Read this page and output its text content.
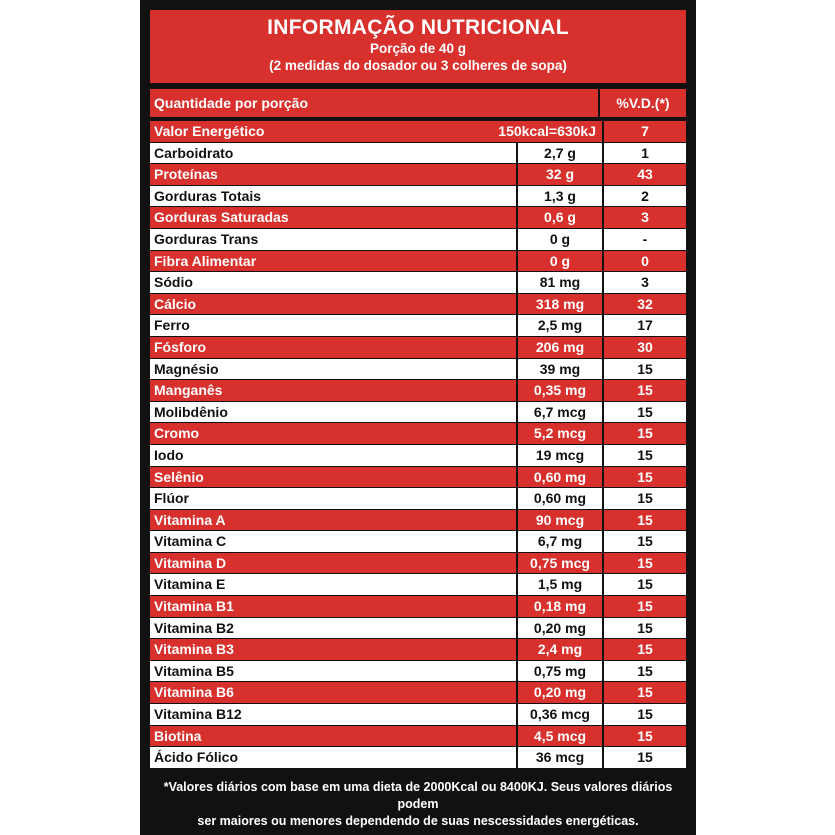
INFORMAÇÃO NUTRICIONAL
Porção de 40 g
(2 medidas do dosador ou 3 colheres de sopa)
Quantidade por porção	%V.D.(*)
Valor Energético	150kcal=630kJ	7
Carboidrato	2,7 g	1
Proteínas	32 g	43
Gorduras Totais	1,3 g	2
Gorduras Saturadas	0,6 g	3
Gorduras Trans	0 g	-
Fibra Alimentar	0 g	0
Sódio	81 mg	3
Cálcio	318 mg	32
Ferro	2,5 mg	17
Fósforo	206 mg	30
Magnésio	39 mg	15
Manganês	0,35 mg	15
Molibdênio	6,7 mcg	15
Cromo	5,2 mcg	15
Iodo	19 mcg	15
Selênio	0,60 mg	15
Flúor	0,60 mg	15
Vitamina A	90 mcg	15
Vitamina C	6,7 mg	15
Vitamina D	0,75 mcg	15
Vitamina E	1,5 mg	15
Vitamina B1	0,18 mg	15
Vitamina B2	0,20 mg	15
Vitamina B3	2,4 mg	15
Vitamina B5	0,75 mg	15
Vitamina B6	0,20 mg	15
Vitamina B12	0,36 mcg	15
Biotina	4,5 mcg	15
Ácido Fólico	36 mcg	15
*Valores diários com base em uma dieta de 2000Kcal ou 8400KJ. Seus valores diários podem
ser maiores ou menores dependendo de suas nescessidades energéticas.
